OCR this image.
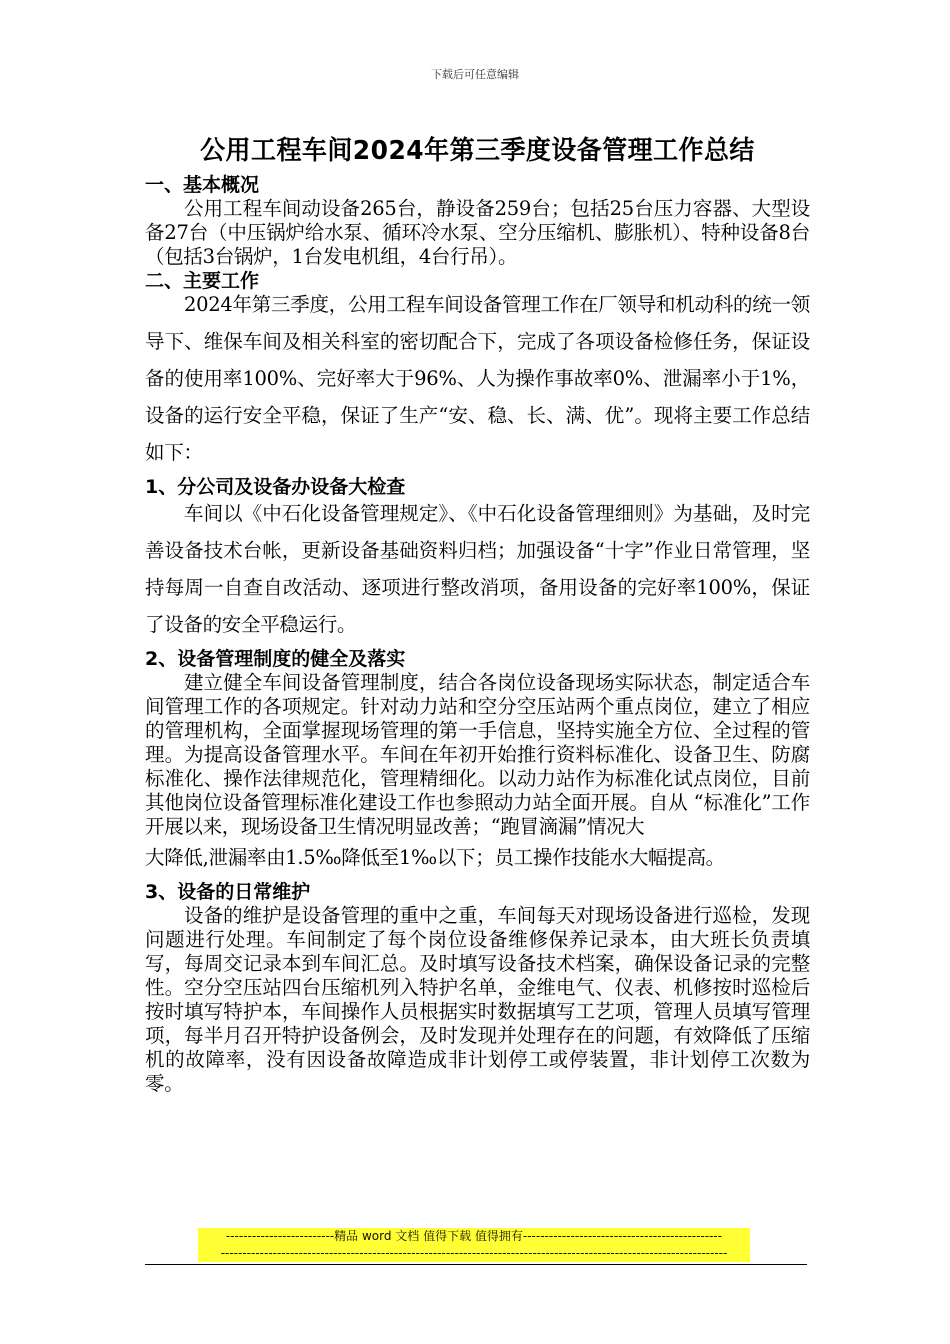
下载后可任意编辑
公用工程车间2024年第三季度设备管理工作总结
一、基本概况

公用工程车间动设备265台，静设备259台；包括25台压力容器、大型设备27台（中压锅炉给水泵、循环冷水泵、空分压缩机、膨胀机）、特种设备8台（包括3台锅炉，1台发电机组，4台行吊）。

二、主要工作

2024年第三季度，公用工程车间设备管理工作在厂领导和机动科的统一领导下、维保车间及相关科室的密切配合下，完成了各项设备检修任务，保证设备的使用率100%、完好率大于96%、人为操作事故率0%、泄漏率小于1%，设备的运行安全平稳，保证了生产“安、稳、长、满、优”。现将主要工作总结如下：

1、分公司及设备办设备大检查

车间以《中石化设备管理规定》、《中石化设备管理细则》为基础，及时完善设备技术台帐，更新设备基础资料归档；加强设备“十字”作业日常管理，坚持每周一自查自改活动、逐项进行整改消项，备用设备的完好率100%，保证了设备的安全平稳运行。

2、设备管理制度的健全及落实

建立健全车间设备管理制度，结合各岗位设备现场实际状态，制定适合车间管理工作的各项规定。针对动力站和空分空压站两个重点岗位，建立了相应的管理机构，全面掌握现场管理的第一手信息，坚持实施全方位、全过程的管理。为提高设备管理水平。车间在年初开始推行资料标准化、设备卫生、防腐标准化、操作法律规范化，管理精细化。以动力站作为标准化试点岗位，目前其他岗位设备管理标准化建设工作也参照动力站全面开展。自从 “标准化”工作开展以来，现场设备卫生情况明显改善；“跑冒滴漏”情况大

大降低,泄漏率由1.5‰降低至1‰以下；员工操作技能水大幅提高。

3、设备的日常维护

设备的维护是设备管理的重中之重，车间每天对现场设备进行巡检，发现问题进行处理。车间制定了每个岗位设备维修保养记录本，由大班长负责填写，每周交记录本到车间汇总。及时填写设备技术档案，确保设备记录的完整性。空分空压站四台压缩机列入特护名单，金维电气、仪表、机修按时巡检后按时填写特护本，车间操作人员根据实时数据填写工艺项，管理人员填写管理项，每半月召开特护设备例会，及时发现并处理存在的问题，有效降低了压缩机的故障率，没有因设备故障造成非计划停工或停装置，非计划停工次数为零。

-------------------------精品 word 文档 值得下载 值得拥有----------------------------------------------
---------------------------------------------------------------------------------------------------------------------
